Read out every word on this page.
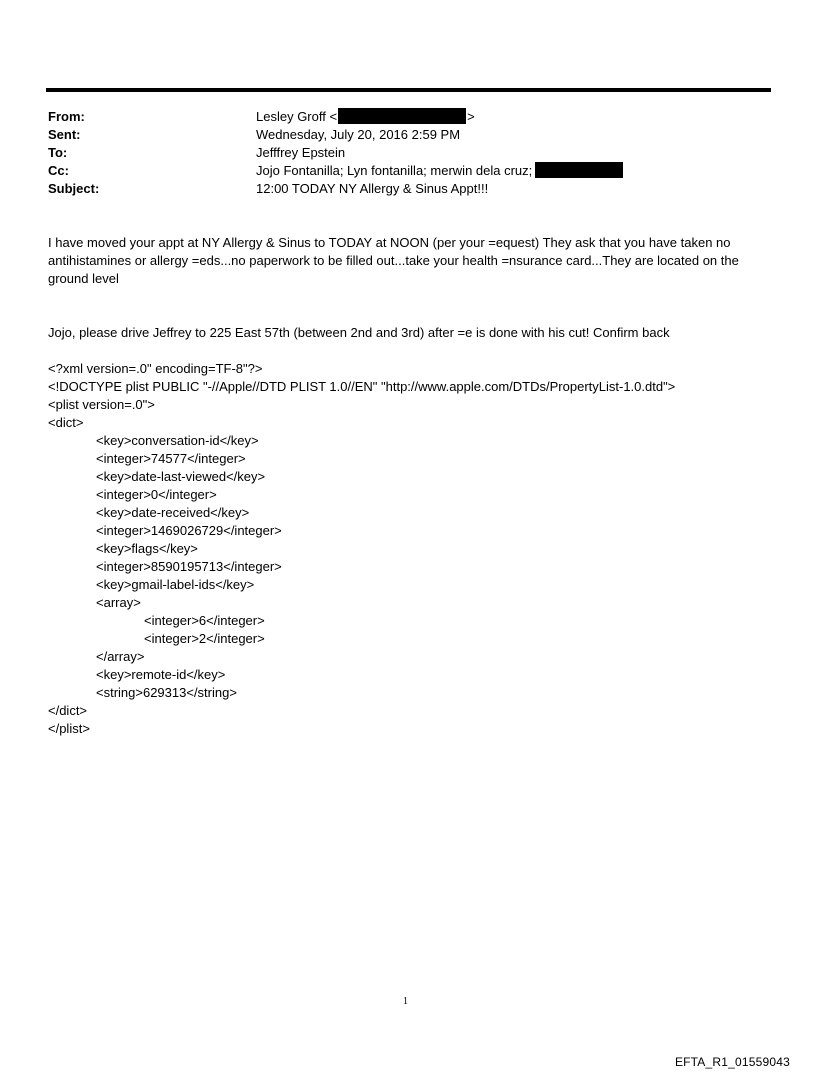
From:	Lesley Groff <	>
Sent:	Wednesday, July 20, 2016 2:59 PM
To:	Jefffrey Epstein
Cc:	Jojo Fontanilla; Lyn fontanilla; merwin dela cruz;
Subject:	12:00 TODAY NY Allergy & Sinus Appt!!!

I have moved your appt at NY Allergy & Sinus to TODAY at NOON (per your =equest) They ask that you have taken no antihistamines or allergy =eds...no paperwork to be filled out...take your health =nsurance card...They are located on the ground level

Jojo, please drive Jeffrey to 225 East 57th (between 2nd and 3rd) after =e is done with his cut! Confirm back

<?xml version=.0" encoding=TF-8"?>
<!DOCTYPE plist PUBLIC "-//Apple//DTD PLIST 1.0//EN" "http://www.apple.com/DTDs/PropertyList-1.0.dtd">
<plist version=.0">
<dict>
<key>conversation-id</key>
<integer>74577</integer>
<key>date-last-viewed</key>
<integer>0</integer>
<key>date-received</key>
<integer>1469026729</integer>
<key>flags</key>
<integer>8590195713</integer>
<key>gmail-label-ids</key>
<array>
<integer>6</integer>
<integer>2</integer>
</array>
<key>remote-id</key>
<string>629313</string>
</dict>
</plist>
1
EFTA_R1_01559043
